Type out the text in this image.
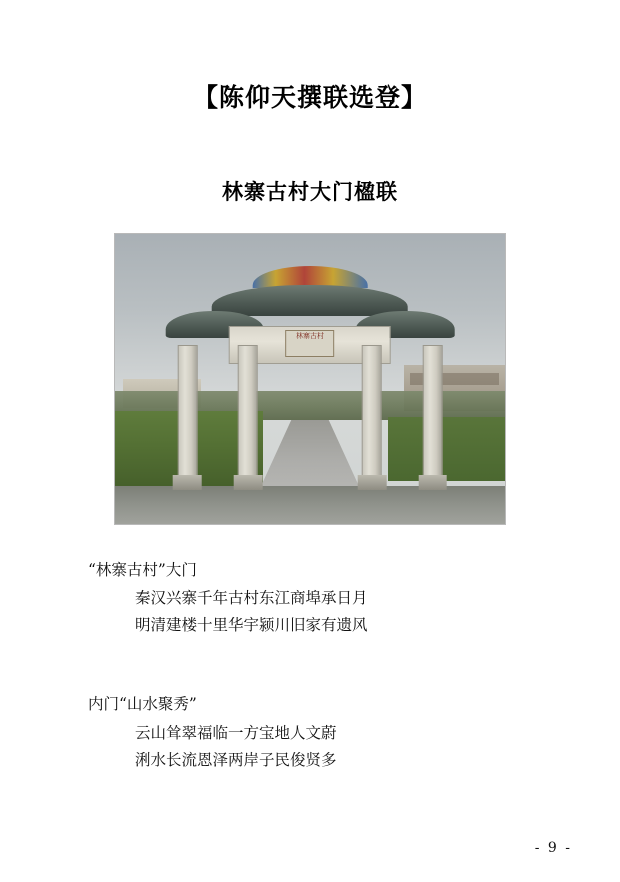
【陈仰天撰联选登】
林寨古村大门楹联
林寨古村
“林寨古村”大门
秦汉兴寨千年古村东江商埠承日月
明清建楼十里华宇颍川旧家有遗风
内门“山水聚秀”
云山耸翠福临一方宝地人文蔚
浰水长流恩泽两岸子民俊贤多
- 9 -
